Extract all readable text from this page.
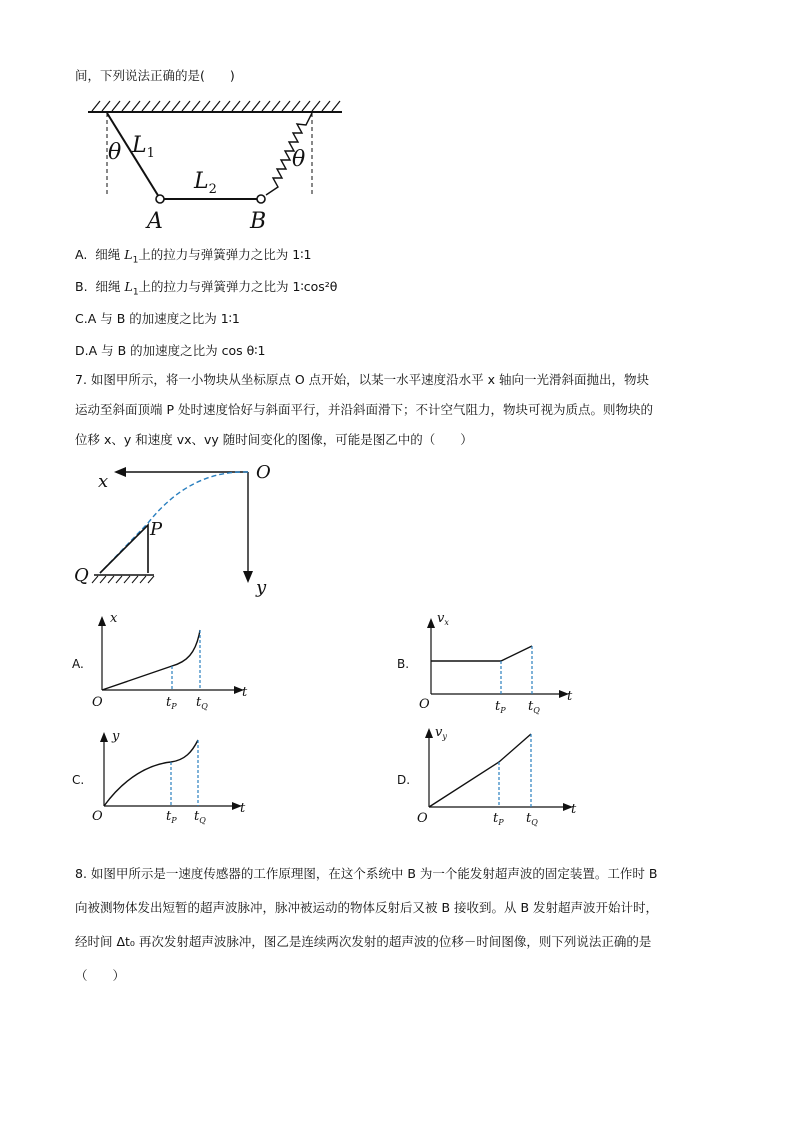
间，下列说法正确的是(　　)
$L_1$
$L_2$
θ	θ
A	B
A. 细绳 $L_1$上的拉力与弹簧弹力之比为 1∶1
B. 细绳 $L_1$上的拉力与弹簧弹力之比为 1∶cos²θ
C.A 与 B 的加速度之比为 1∶1
D.A 与 B 的加速度之比为 cos θ∶1
7. 如图甲所示，将一小物块从坐标原点 O 点开始，以某一水平速度沿水平 x 轴向一光滑斜面抛出，物块
运动至斜面顶端 P 处时速度恰好与斜面平行，并沿斜面滑下；不计空气阻力，物块可视为质点。则物块的
位移 x、y 和速度 vx、vy 随时间变化的图像，可能是图乙中的（　　）
x	O
y
P
Q
A.
x
t
O	$t_P$ $t_Q$
B.
$v_x$
t
O	$t_P$ $t_Q$
C.
y
t
O	$t_P$ $t_Q$
D.
$v_y$
t
O	$t_P$ $t_Q$
8. 如图甲所示是一速度传感器的工作原理图，在这个系统中 B 为一个能发射超声波的固定装置。工作时 B
向被测物体发出短暂的超声波脉冲，脉冲被运动的物体反射后又被 B 接收到。从 B 发射超声波开始计时，
经时间 Δt₀ 再次发射超声波脉冲，图乙是连续两次发射的超声波的位移－时间图像，则下列说法正确的是
（　　）
